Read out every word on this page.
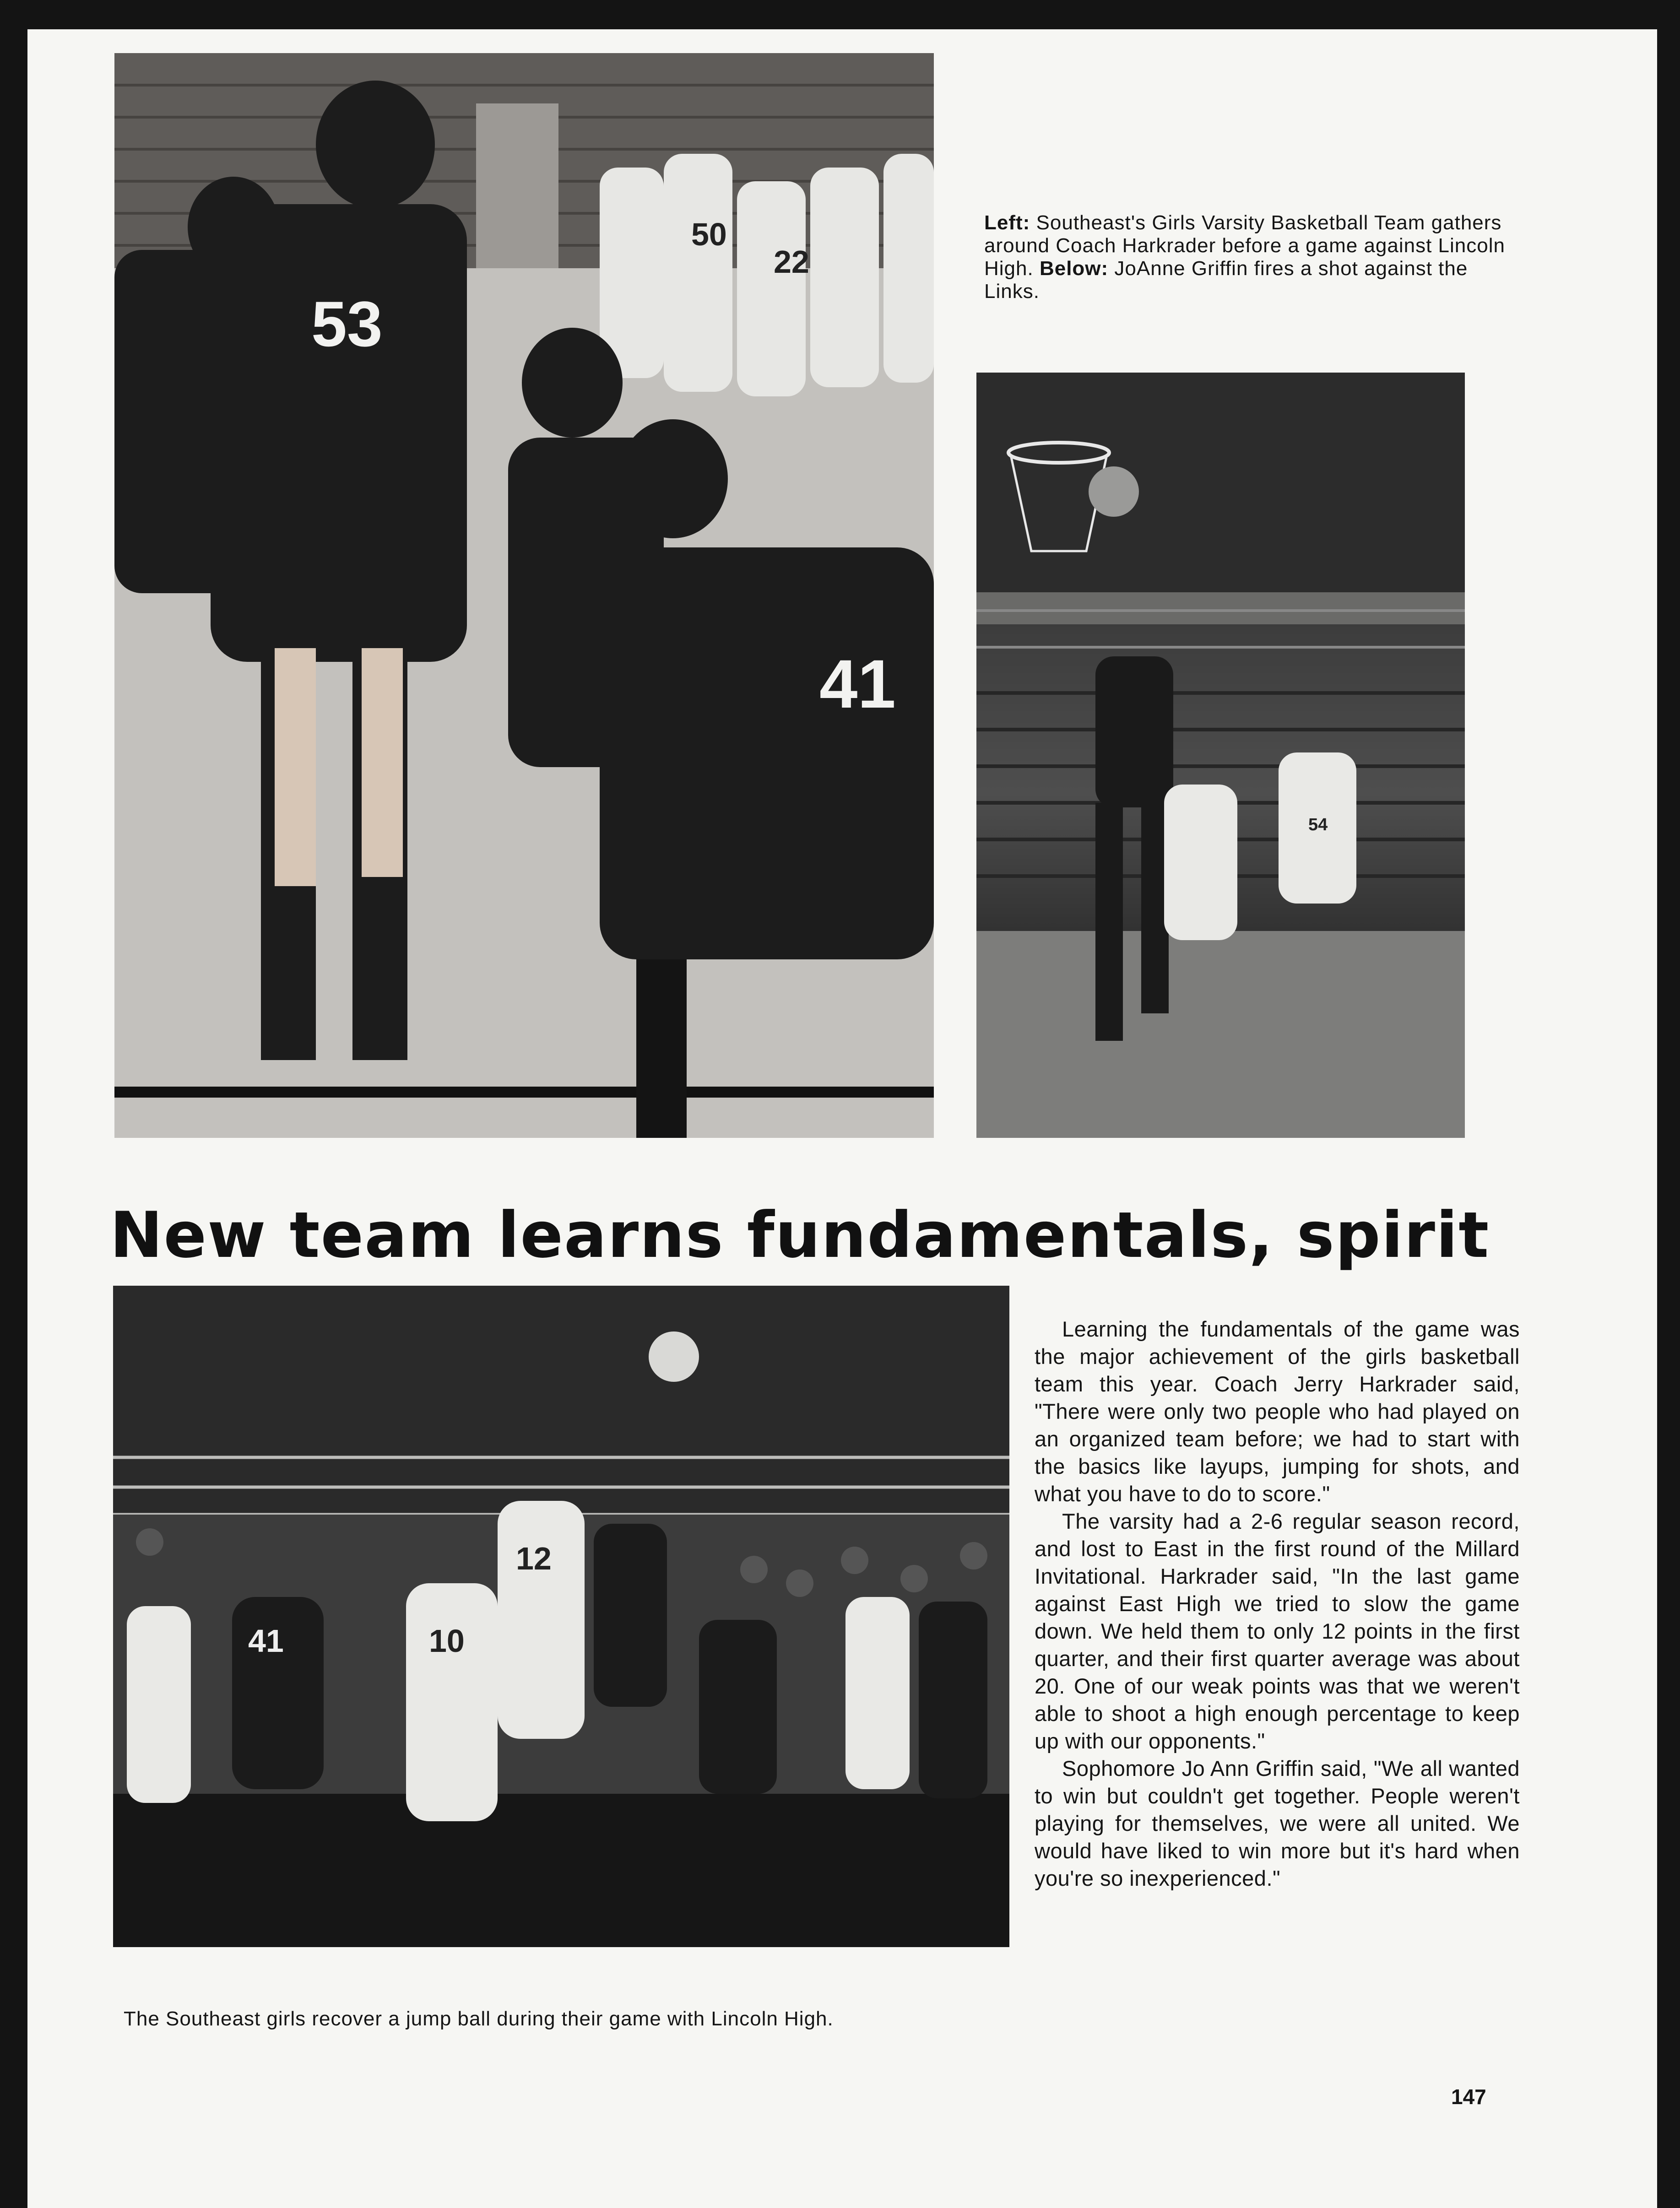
53
41
50
22
Left: Southeast's Girls Varsity Basketball Team gathers around Coach Harkrader before a game against Lincoln High. Below: JoAnne Griffin fires a shot against the Links.
54
New team learns fundamentals, spirit
12
41	10
The Southeast girls recover a jump ball during their game with Lincoln High.

Learning the fundamentals of the game was the major achievement of the girls basketball team this year. Coach Jerry Harkrader said, "There were only two people who had played on an organized team before; we had to start with the basics like layups, jumping for shots, and what you have to do to score."

The varsity had a 2-6 regular season record, and lost to East in the first round of the Millard Invitational. Harkrader said, "In the last game against East High we tried to slow the game down. We held them to only 12 points in the first quarter, and their first quarter average was about 20. One of our weak points was that we weren't able to shoot a high enough percentage to keep up with our opponents."

Sophomore Jo Ann Griffin said, "We all wanted to win but couldn't get together. People weren't playing for themselves, we were all united. We would have liked to win more but it's hard when you're so inexperienced."

147
